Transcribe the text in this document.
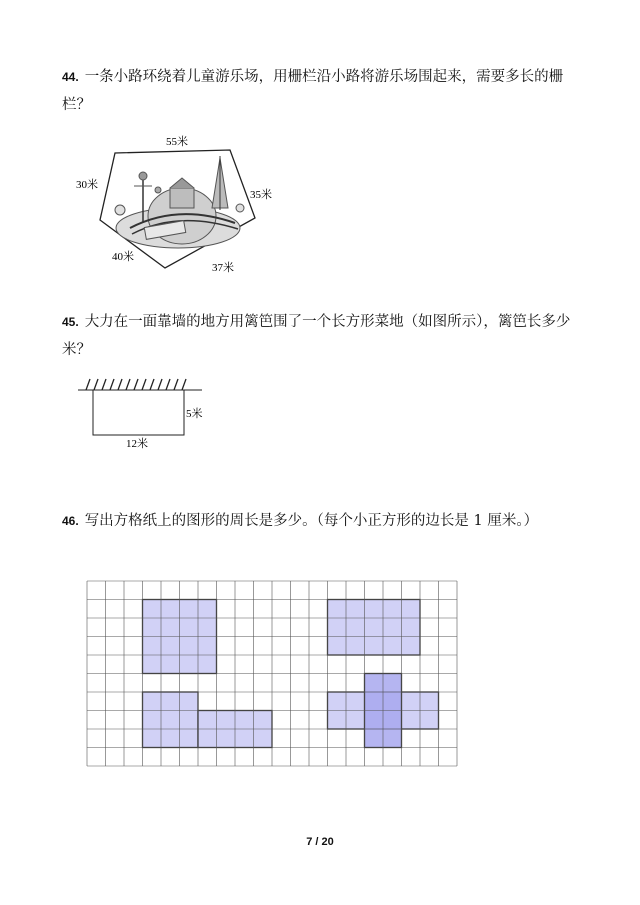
44. 一条小路环绕着儿童游乐场，用栅栏沿小路将游乐场围起来，需要多长的栅栏？
55米
30米
35米
40米
37米
45. 大力在一面靠墙的地方用篱笆围了一个长方形菜地（如图所示），篱笆长多少米？
5米
12米
46. 写出方格纸上的图形的周长是多少。（每个小正方形的边长是 1 厘米。）
7 / 20
